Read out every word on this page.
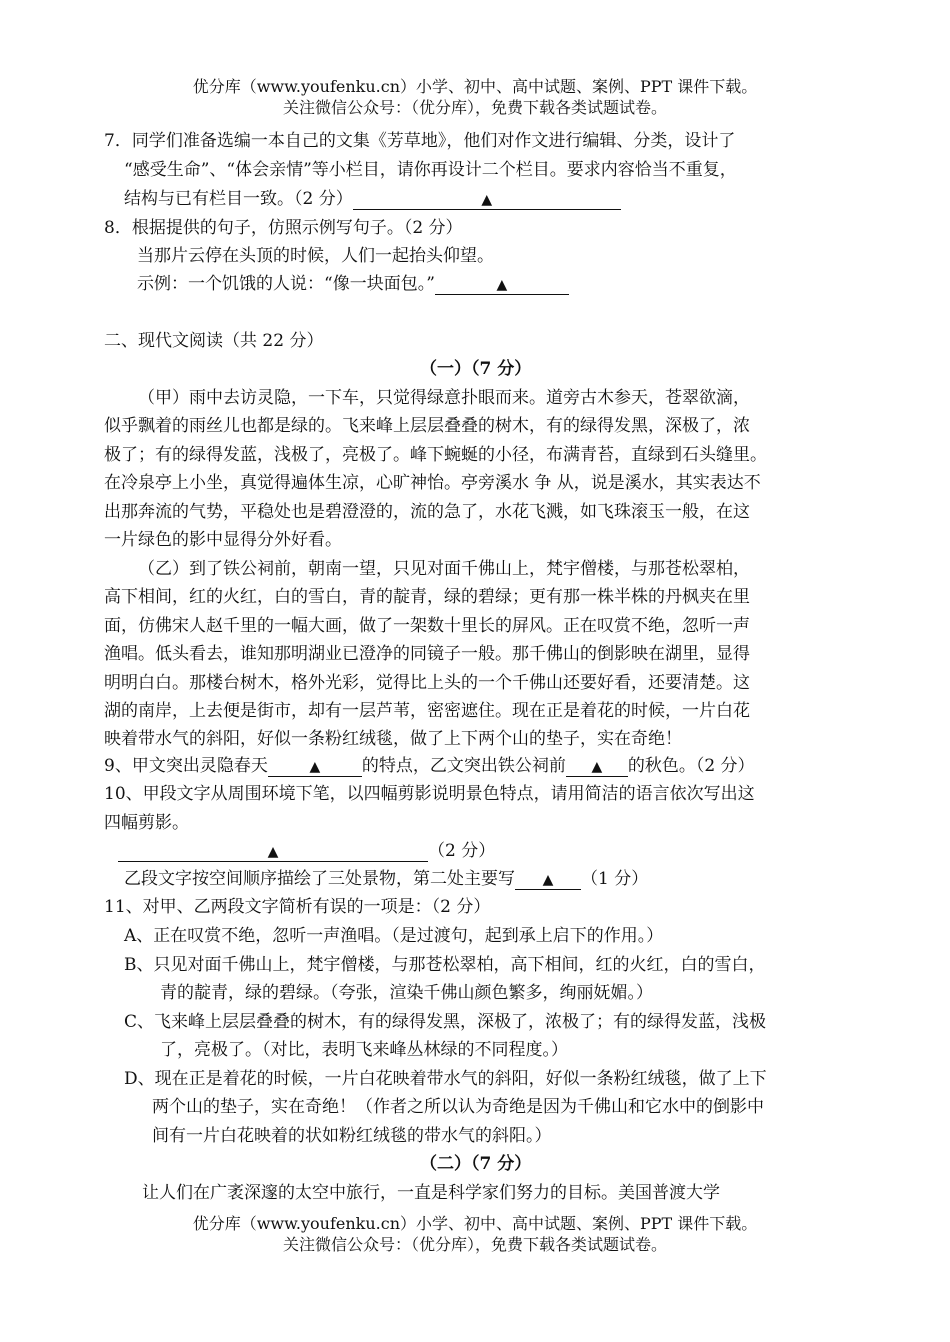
优分库（www.youfenku.cn）小学、初中、高中试题、案例、PPT 课件下载。
关注微信公众号：（优分库），免费下载各类试题试卷。
7．同学们准备选编一本自己的文集《芳草地》，他们对作文进行编辑、分类，设计了
“感受生命”、“体会亲情”等小栏目，请你再设计二个栏目。要求内容恰当不重复，
结构与已有栏目一致。（2 分）	▲
8．根据提供的句子，仿照示例写句子。（2 分）
当那片云停在头顶的时候，人们一起抬头仰望。
示例：一个饥饿的人说：“像一块面包。”	▲
二、现代文阅读（共 22 分）
（一）（7 分）
（甲）雨中去访灵隐，一下车，只觉得绿意扑眼而来。道旁古木参天，苍翠欲滴，
似乎飘着的雨丝儿也都是绿的。飞来峰上层层叠叠的树木，有的绿得发黑，深极了，浓
极了；有的绿得发蓝，浅极了，亮极了。峰下蜿蜒的小径，布满青苔，直绿到石头缝里。
在冷泉亭上小坐，真觉得遍体生凉，心旷神怡。亭旁溪水 争 从，说是溪水，其实表达不
出那奔流的气势，平稳处也是碧澄澄的，流的急了，水花飞溅，如飞珠滚玉一般，在这
一片绿色的影中显得分外好看。
（乙）到了铁公祠前，朝南一望，只见对面千佛山上，梵宇僧楼，与那苍松翠柏，
高下相间，红的火红，白的雪白，青的靛青，绿的碧绿；更有那一株半株的丹枫夹在里
面，仿佛宋人赵千里的一幅大画，做了一架数十里长的屏风。正在叹赏不绝，忽听一声
渔唱。低头看去，谁知那明湖业已澄净的同镜子一般。那千佛山的倒影映在湖里，显得
明明白白。那楼台树木，格外光彩，觉得比上头的一个千佛山还要好看，还要清楚。这
湖的南岸，上去便是街市，却有一层芦苇，密密遮住。现在正是着花的时候，一片白花
映着带水气的斜阳，好似一条粉红绒毯，做了上下两个山的垫子，实在奇绝！
9、甲文突出灵隐春天	▲ 的特点，乙文突出铁公祠前 ▲ 的秋色。（2 分）
10、甲段文字从周围环境下笔，以四幅剪影说明景色特点，请用简洁的语言依次写出这
四幅剪影。
▲	（2 分）
乙段文字按空间顺序描绘了三处景物，第二处主要写 ▲ （1 分）
11、对甲、乙两段文字简析有误的一项是：（2 分）
A、正在叹赏不绝，忽听一声渔唱。（是过渡句，起到承上启下的作用。）
B、只见对面千佛山上，梵宇僧楼，与那苍松翠柏，高下相间，红的火红，白的雪白，
青的靛青，绿的碧绿。（夸张，渲染千佛山颜色繁多，绚丽妩媚。）
C、飞来峰上层层叠叠的树木，有的绿得发黑，深极了，浓极了；有的绿得发蓝，浅极
了，亮极了。（对比，表明飞来峰丛林绿的不同程度。）
D、现在正是着花的时候，一片白花映着带水气的斜阳，好似一条粉红绒毯，做了上下
两个山的垫子，实在奇绝！（作者之所以认为奇绝是因为千佛山和它水中的倒影中
间有一片白花映着的状如粉红绒毯的带水气的斜阳。）
（二）（7 分）
让人们在广袤深邃的太空中旅行，一直是科学家们努力的目标。美国普渡大学
优分库（www.youfenku.cn）小学、初中、高中试题、案例、PPT 课件下载。
关注微信公众号：（优分库），免费下载各类试题试卷。
